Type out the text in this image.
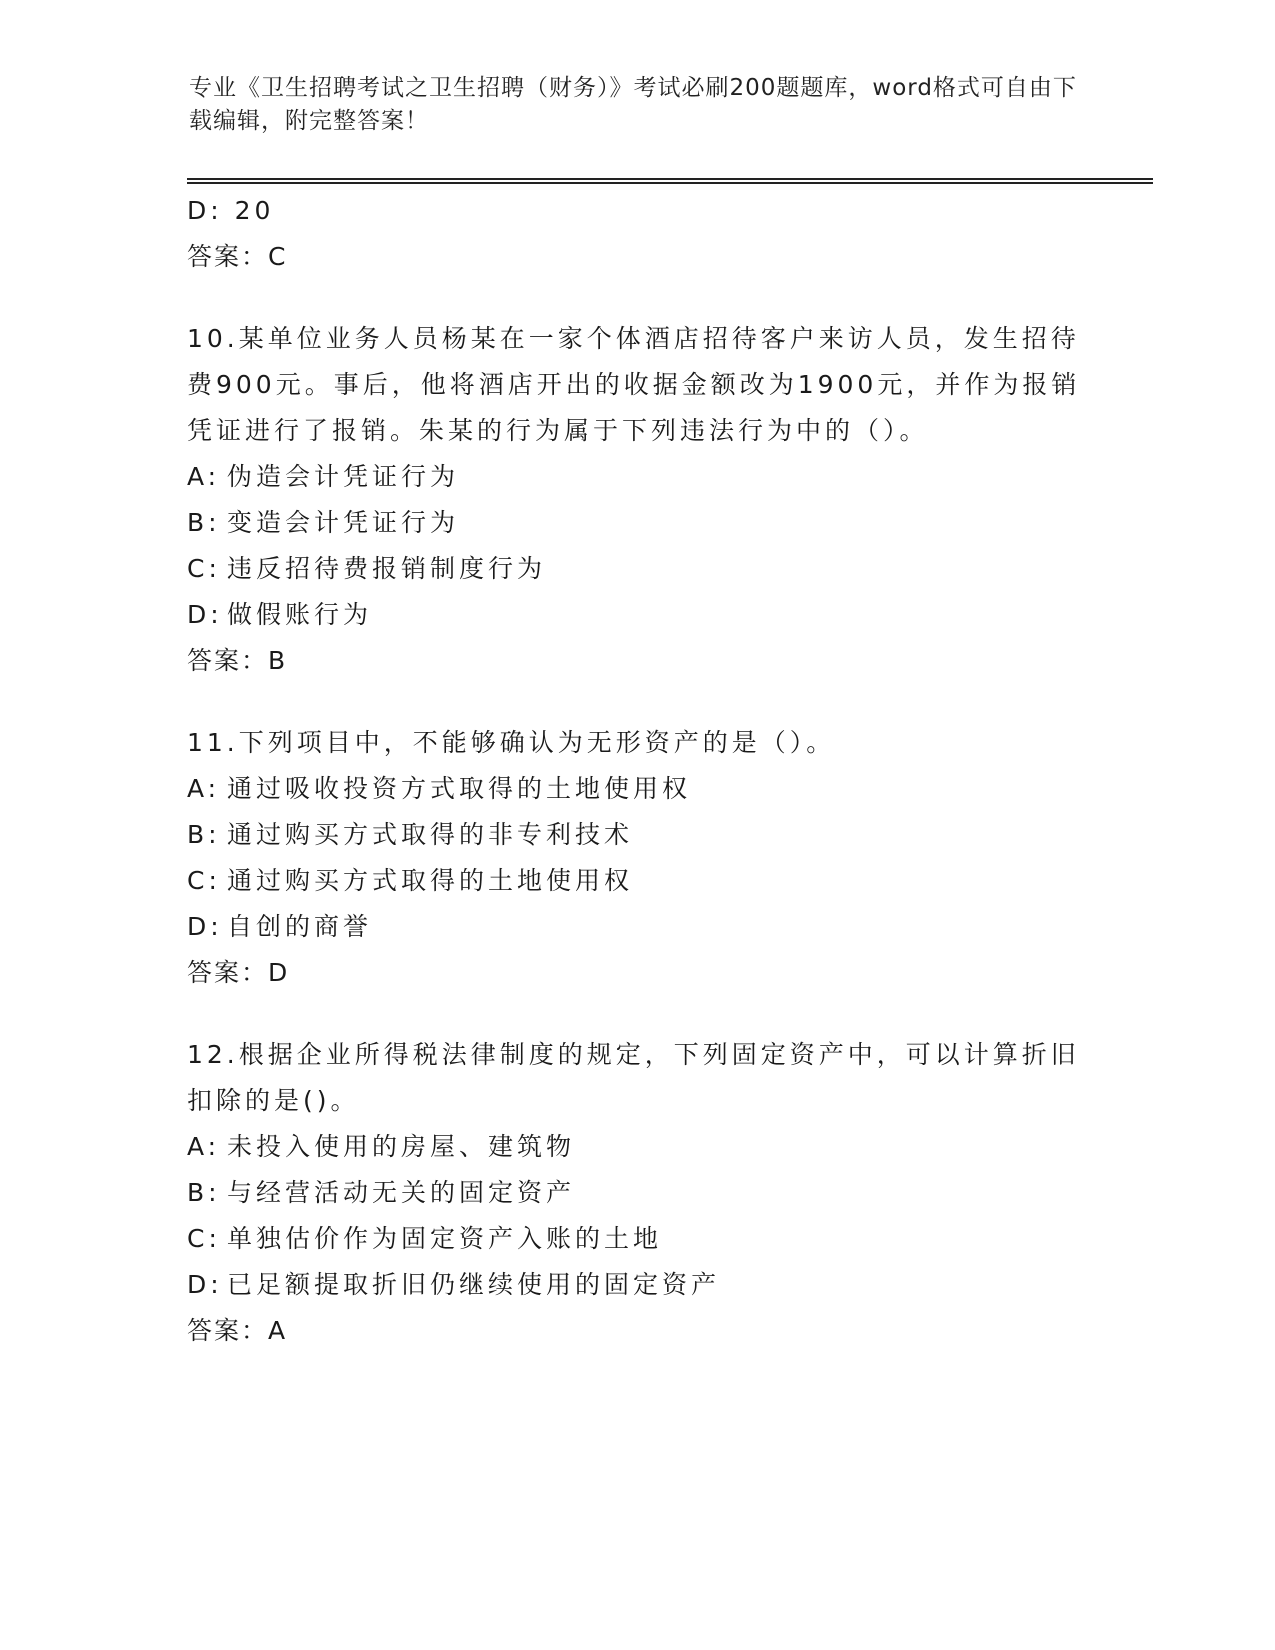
专业《卫生招聘考试之卫生招聘（财务）》考试必刷200题题库，word格式可自由下载编辑，附完整答案！
D: 20
答案：C
10.某单位业务人员杨某在一家个体酒店招待客户来访人员，发生招待
费900元。事后，他将酒店开出的收据金额改为1900元，并作为报销
凭证进行了报销。朱某的行为属于下列违法行为中的（）。
A: 伪造会计凭证行为
B: 变造会计凭证行为
C: 违反招待费报销制度行为
D: 做假账行为
答案：B
11.下列项目中，不能够确认为无形资产的是（）。
A: 通过吸收投资方式取得的土地使用权
B: 通过购买方式取得的非专利技术
C: 通过购买方式取得的土地使用权
D: 自创的商誉
答案：D
12.根据企业所得税法律制度的规定，下列固定资产中，可以计算折旧
扣除的是()。
A: 未投入使用的房屋、建筑物
B: 与经营活动无关的固定资产
C: 单独估价作为固定资产入账的土地
D: 已足额提取折旧仍继续使用的固定资产
答案：A
